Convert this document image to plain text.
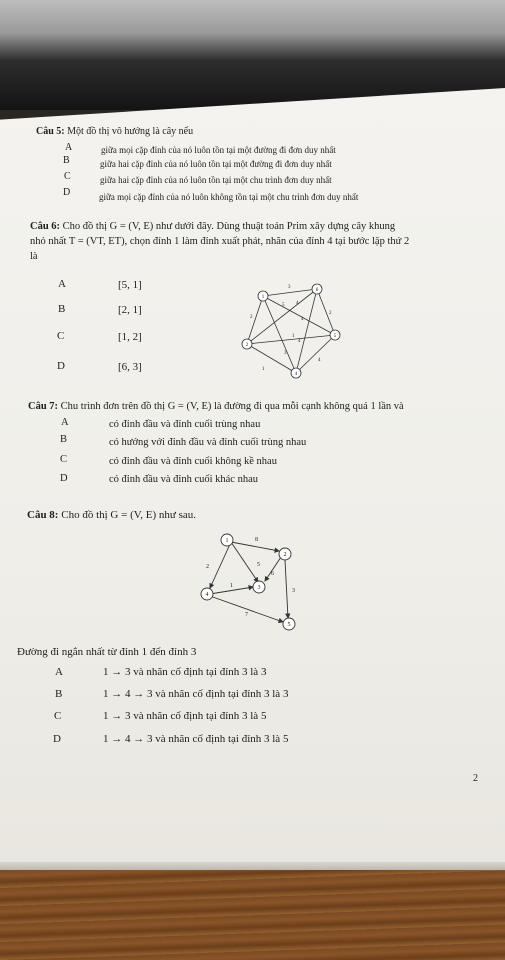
Câu 5: Một đồ thị vô hướng là cây nếu
A	giữa mọi cặp đỉnh của nó luôn tồn tại một đường đi đơn duy nhất
B	giữa hai cặp đỉnh của nó luôn tồn tại một đường đi đơn duy nhất
C	giữa hai cặp đỉnh của nó luôn tồn tại một chu trình đơn duy nhất
D	giữa mọi cặp đỉnh của nó luôn không tồn tại một chu trình đơn duy nhất
Câu 6: Cho đồ thị G = (V, E) như dưới đây. Dùng thuật toán Prim xây dựng cây khung
nhỏ nhất T = (VT, ET), chọn đỉnh 1 làm đỉnh xuất phát, nhãn của đỉnh 4 tại bước lặp thứ 2
là
A	[5, 1]
B	[2, 1]
C	[1, 2]
D	[6, 3]
1
6
2
5
4
3
4
2
2
5
1
4
4
3
1
4
Câu 7: Chu trình đơn trên đồ thị G = (V, E) là đường đi qua mỗi cạnh không quá 1 lần và
A	có đỉnh đầu và đỉnh cuối trùng nhau
B	có hướng với đỉnh đầu và đỉnh cuối trùng nhau
C	có đỉnh đầu và đỉnh cuối không kề nhau
D	có đỉnh đầu và đỉnh cuối khác nhau
Câu 8: Cho đồ thị G = (V, E) như sau.
1
2
3
4
5
8
2	5
6
1
3
7
Đường đi ngắn nhất từ đỉnh 1 đến đỉnh 3
A	1 → 3 và nhãn cố định tại đỉnh 3 là 3
B	1 → 4 → 3 và nhãn cố định tại đỉnh 3 là 3
C	1 → 3 và nhãn cố định tại đỉnh 3 là 5
D	1 → 4 → 3 và nhãn cố định tại đỉnh 3 là 5
2
